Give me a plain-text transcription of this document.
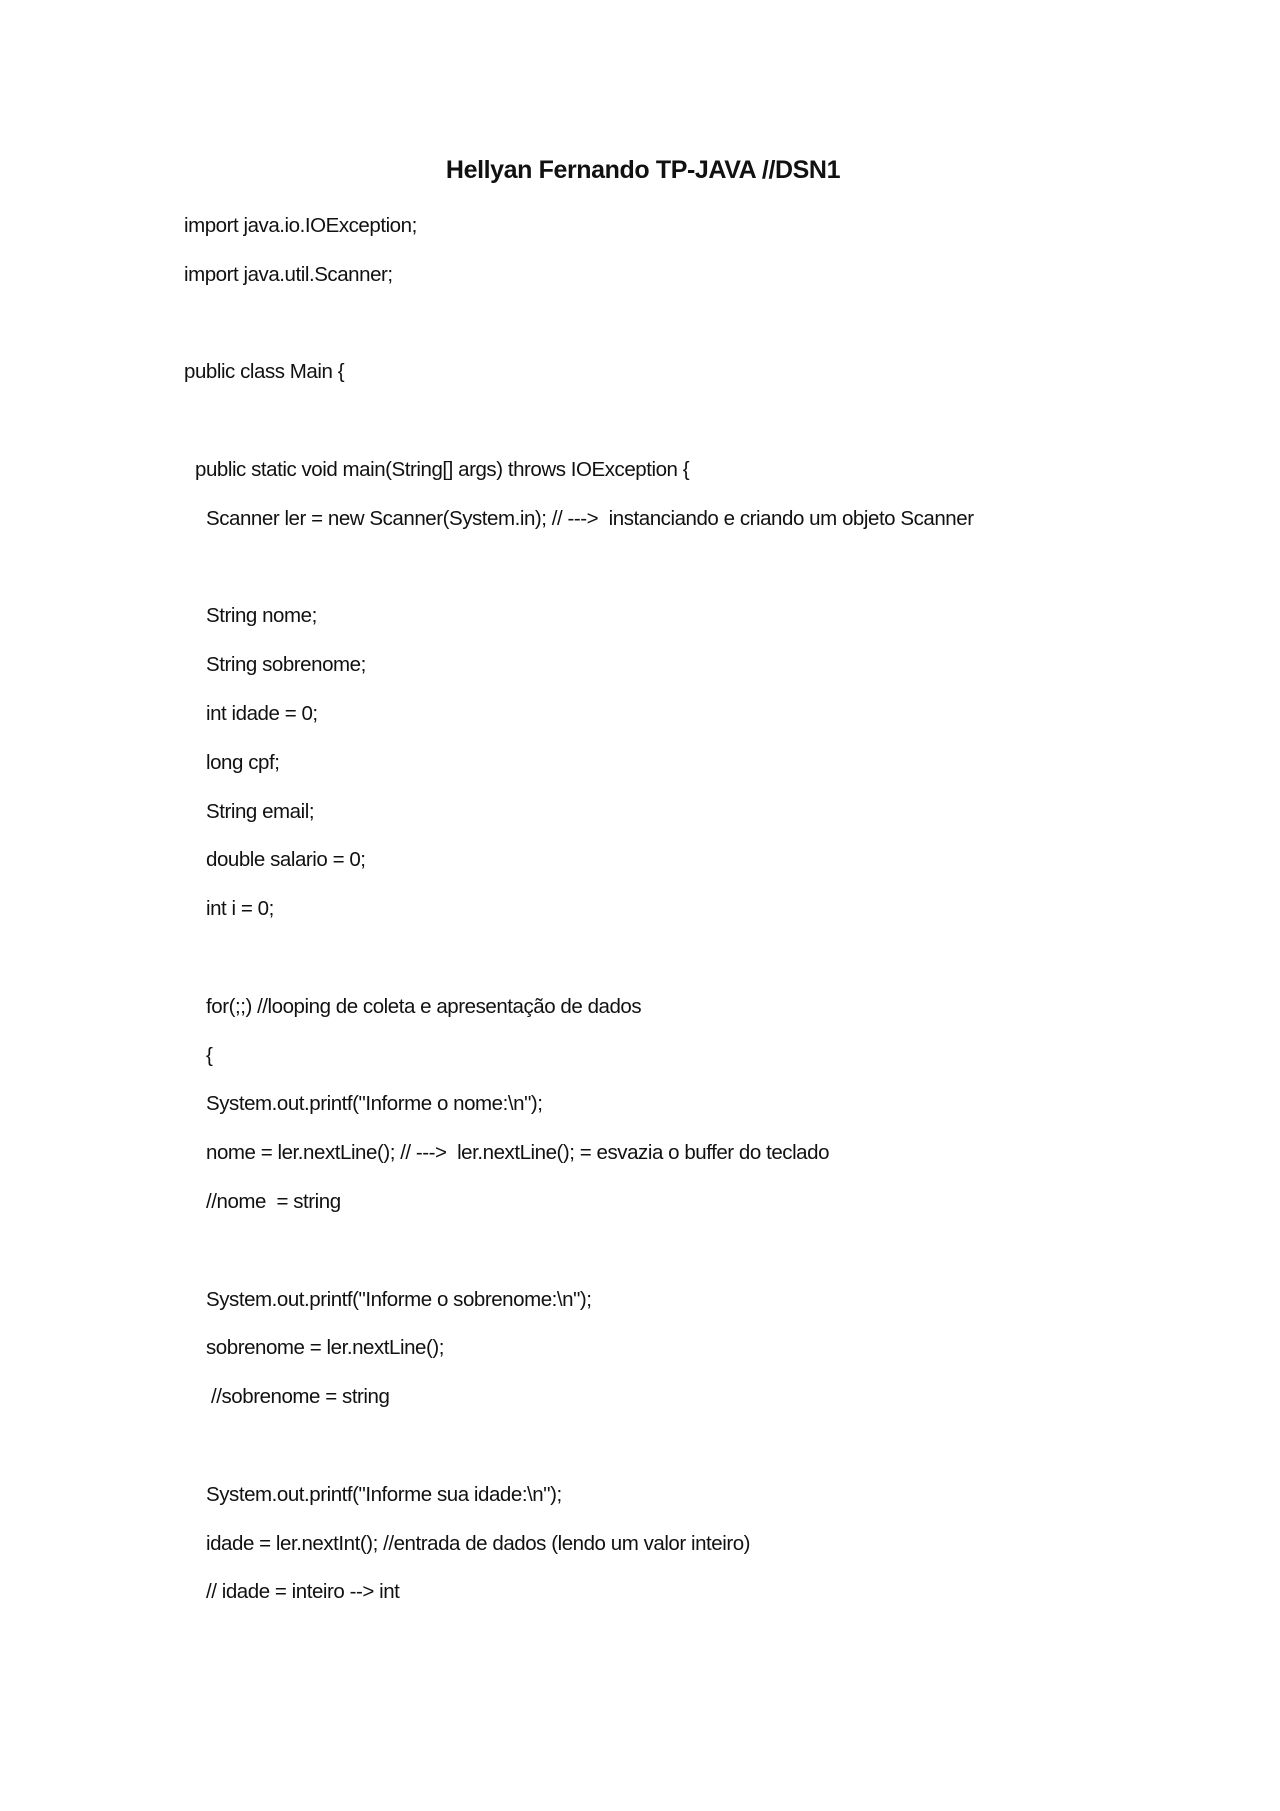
Hellyan Fernando TP-JAVA //DSN1
import java.io.IOException;
import java.util.Scanner;
public class Main {
public static void main(String[] args) throws IOException {
Scanner ler = new Scanner(System.in); // --->  instanciando e criando um objeto Scanner
String nome;
String sobrenome;
int idade = 0;
long cpf;
String email;
double salario = 0;
int i = 0;
for(;;) //looping de coleta e apresentação de dados
{
System.out.printf("Informe o nome:\n");
nome = ler.nextLine(); // --->  ler.nextLine(); = esvazia o buffer do teclado
//nome  = string
System.out.printf("Informe o sobrenome:\n");
sobrenome = ler.nextLine();
//sobrenome = string
System.out.printf("Informe sua idade:\n");
idade = ler.nextInt(); //entrada de dados (lendo um valor inteiro)
// idade = inteiro --> int
